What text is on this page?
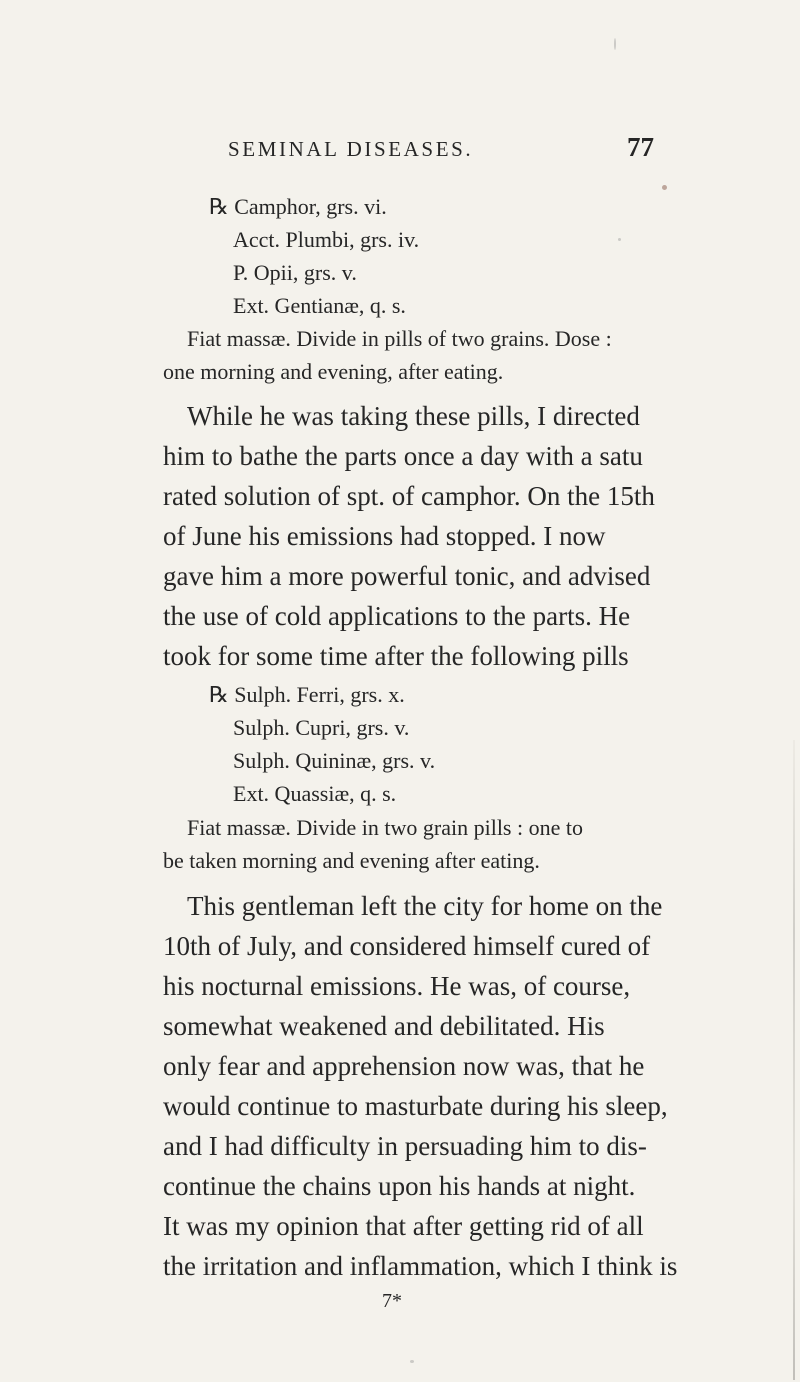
SEMINAL DISEASES.	77
℞ Camphor, grs. vi.
Acct. Plumbi, grs. iv.
P. Opii, grs. v.
Ext. Gentianæ, q. s.
Fiat massæ. Divide in pills of two grains. Dose :
one morning and evening, after eating.
While he was taking these pills, I directed
him to bathe the parts once a day with a satu
rated solution of spt. of camphor. On the 15th
of June his emissions had stopped. I now
gave him a more powerful tonic, and advised
the use of cold applications to the parts. He
took for some time after the following pills
℞ Sulph. Ferri, grs. x.
Sulph. Cupri, grs. v.
Sulph. Quininæ, grs. v.
Ext. Quassiæ, q. s.
Fiat massæ. Divide in two grain pills : one to
be taken morning and evening after eating.
This gentleman left the city for home on the
10th of July, and considered himself cured of
his nocturnal emissions. He was, of course,
somewhat weakened and debilitated. His
only fear and apprehension now was, that he
would continue to masturbate during his sleep,
and I had difficulty in persuading him to dis-
continue the chains upon his hands at night.
It was my opinion that after getting rid of all
the irritation and inflammation, which I think is
7*
